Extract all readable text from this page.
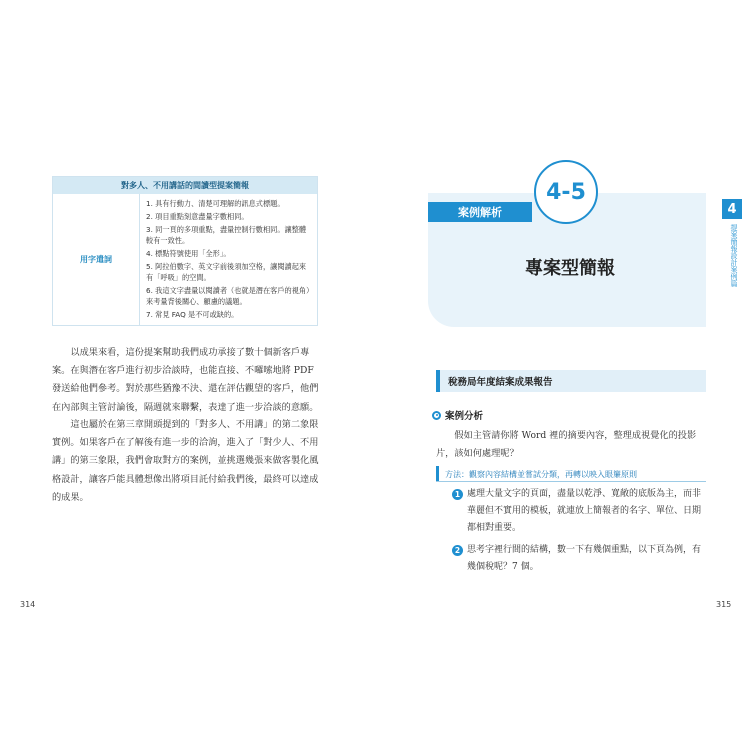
對多人、不用講話的間讀型提案簡報
用字遣詞
1. 具有行動力、清楚可理解的訊息式標題。
2. 項目重點刻意盡量字數相同。
3. 同一頁的多項重點，盡量控制行數相同。讓整體較有一致性。
4. 標點符號使用「全形」。
5. 阿拉伯數字、英文字前後須加空格，讓閱讀起來有「呼吸」的空間。
6. 我這文字盡量以閱讀者（也就是潛在客戶的視角）來考量背後關心、顧慮的議題。
7. 常見 FAQ 是不可或缺的。
以成果來看，這份提案幫助我們成功承接了數十個新客戶專案。在與潛在客戶進行初步洽談時，也能直接、不囉嗦地將 PDF 發送給他們參考。對於那些猶豫不決、還在評估觀望的客戶，他們在內部與主管討論後，隔週就來聯繫，表達了進一步洽談的意願。
這也屬於在第三章開頭提到的「對多人、不用講」的第二象限實例。如果客戶在了解後有進一步的洽詢，進入了「對少人、不用講」的第三象限，我們會取對方的案例，並挑選幾張來做客製化風格設計，讓客戶能具體想像出將項目託付給我們後，最終可以達成的成果。
314
案例解析
4-5
專案型簡報
4
提案簡報設計案例篇
稅務局年度結案成果報告
案例分析
假如主管請你將 Word 裡的摘要內容，整理成視覺化的投影片，該如何處理呢？
方法：觀察內容結構並嘗試分類，再轉以映入眼簾原則
1 處理大量文字的頁面，盡量以乾淨、寬敞的底版為主，而非華麗但不實用的模板，就連放上簡報者的名字、單位、日期都相對重要。
2 思考字裡行間的結構，數一下有幾個重點，以下頁為例，有幾個稅呢？7 個。
315
